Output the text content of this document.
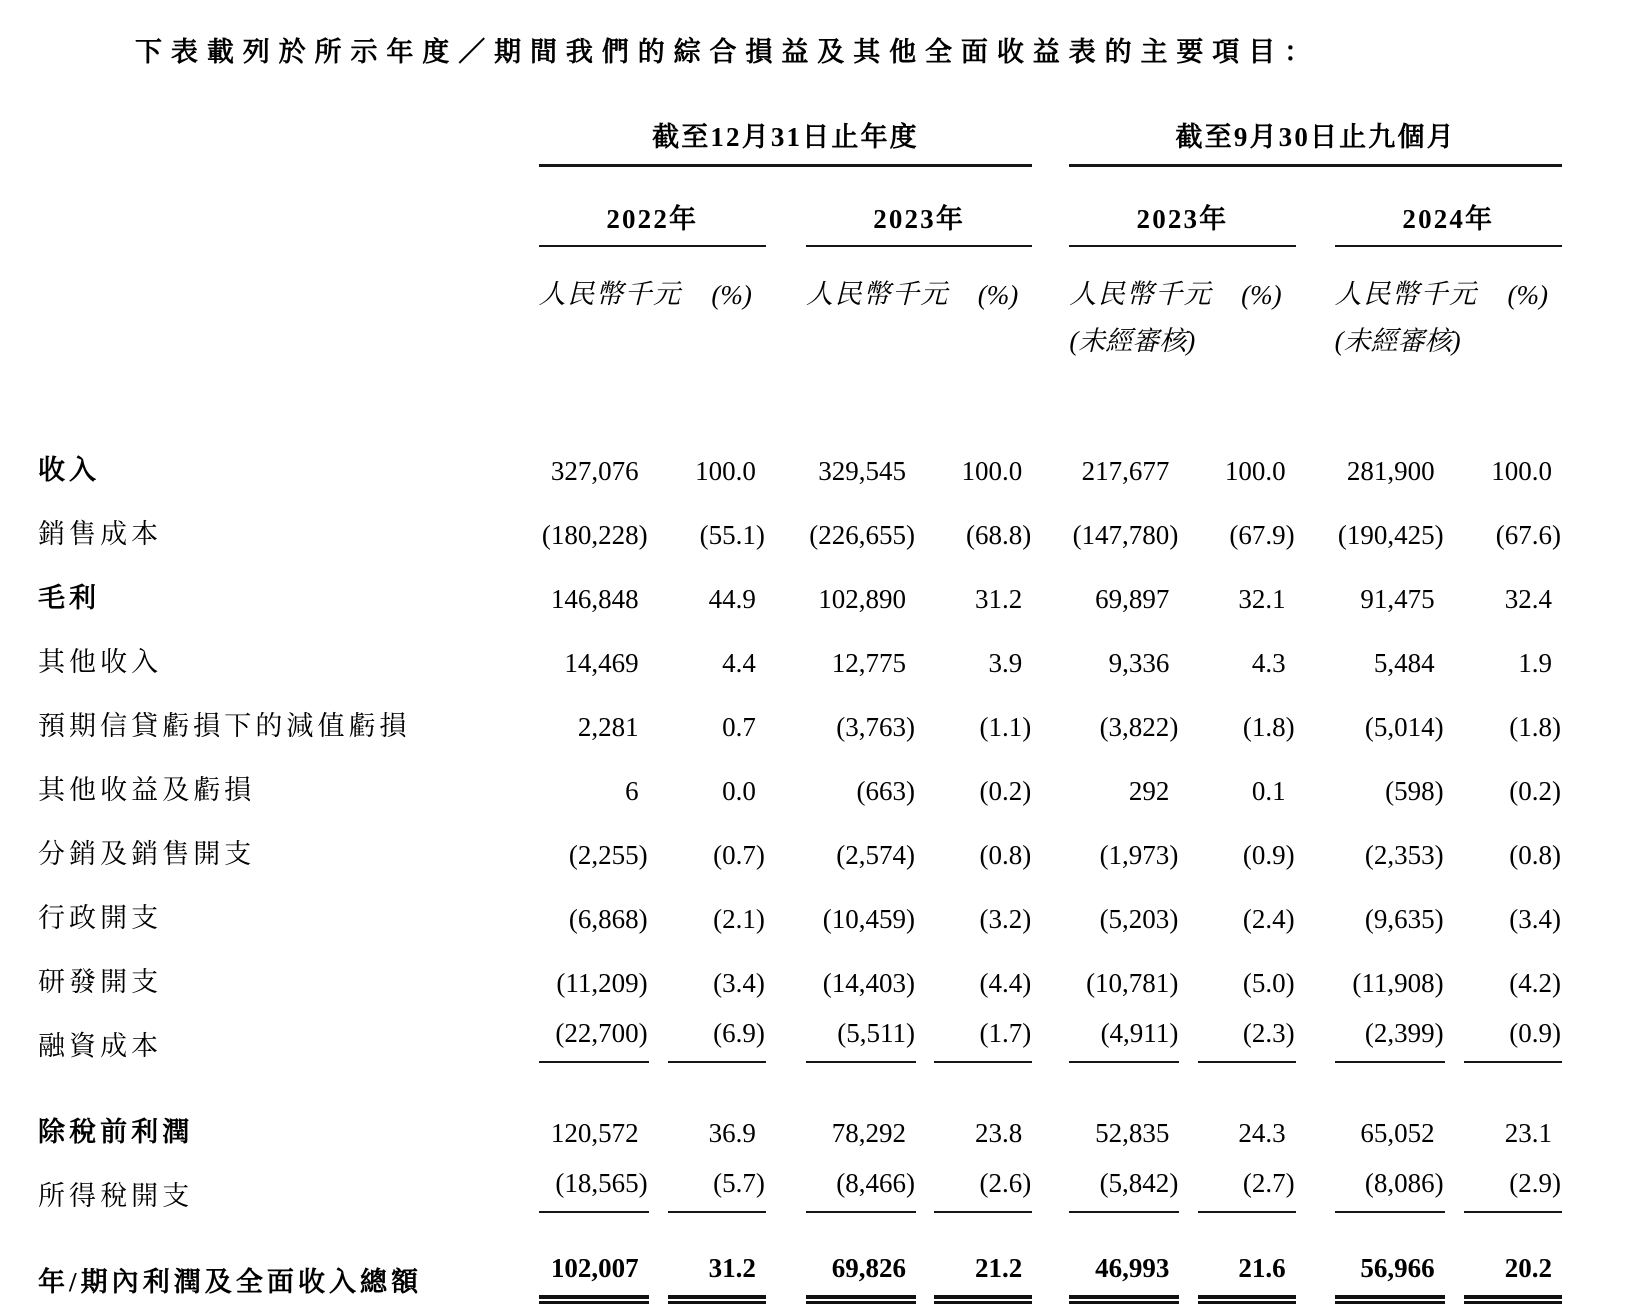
下表載列於所示年度／期間我們的綜合損益及其他全面收益表的主要項目：

	截至12月31日止年度						截至9月30日止九個月				

	2022年			2023年			2023年			2024年	

	人民幣千元	(%)		人民幣千元	(%)		人民幣千元	(%)		人民幣千元	(%)

							(未經審核)			(未經審核)	

收入	327,076	100.0		329,545	100.0		217,677	100.0		281,900	100.0
銷售成本	(180,228)	(55.1)		(226,655)	(68.8)		(147,780)	(67.9)		(190,425)	(67.6)
毛利	146,848	44.9		102,890	31.2		69,897	32.1		91,475	32.4
其他收入	14,469	4.4		12,775	3.9		9,336	4.3		5,484	1.9
預期信貸虧損下的減值虧損	2,281	0.7		(3,763)	(1.1)		(3,822)	(1.8)		(5,014)	(1.8)
其他收益及虧損	6	0.0		(663)	(0.2)		292	0.1		(598)	(0.2)
分銷及銷售開支	(2,255)	(0.7)		(2,574)	(0.8)		(1,973)	(0.9)		(2,353)	(0.8)
行政開支	(6,868)	(2.1)		(10,459)	(3.2)		(5,203)	(2.4)		(9,635)	(3.4)
研發開支	(11,209)	(3.4)		(14,403)	(4.4)		(10,781)	(5.0)		(11,908)	(4.2)
融資成本	(22,700)	(6.9)		(5,511)	(1.7)		(4,911)	(2.3)		(2,399)	(0.9)
除稅前利潤	120,572	36.9		78,292	23.8		52,835	24.3		65,052	23.1
所得稅開支	(18,565)	(5.7)		(8,466)	(2.6)		(5,842)	(2.7)		(8,086)	(2.9)
年/期內利潤及全面收入總額	102,007	31.2		69,826	21.2		46,993	21.6		56,966	20.2
